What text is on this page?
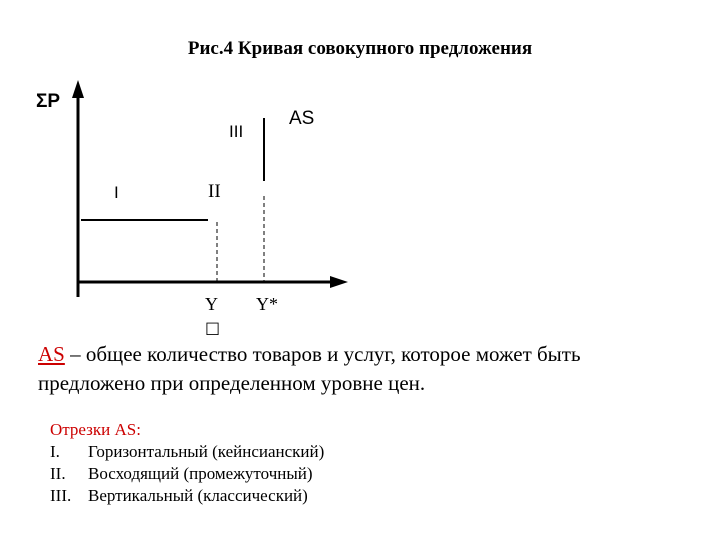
Рис.4 Кривая совокупного предложения
ΣP
AS
I	II
III
Y Y*
□
AS – общее количество товаров и услуг, которое может быть предложено при определенном уровне цен.
Отрезки AS:
I.	Горизонтальный (кейнсианский)
II.	Восходящий (промежуточный)
III. Вертикальный (классический)
